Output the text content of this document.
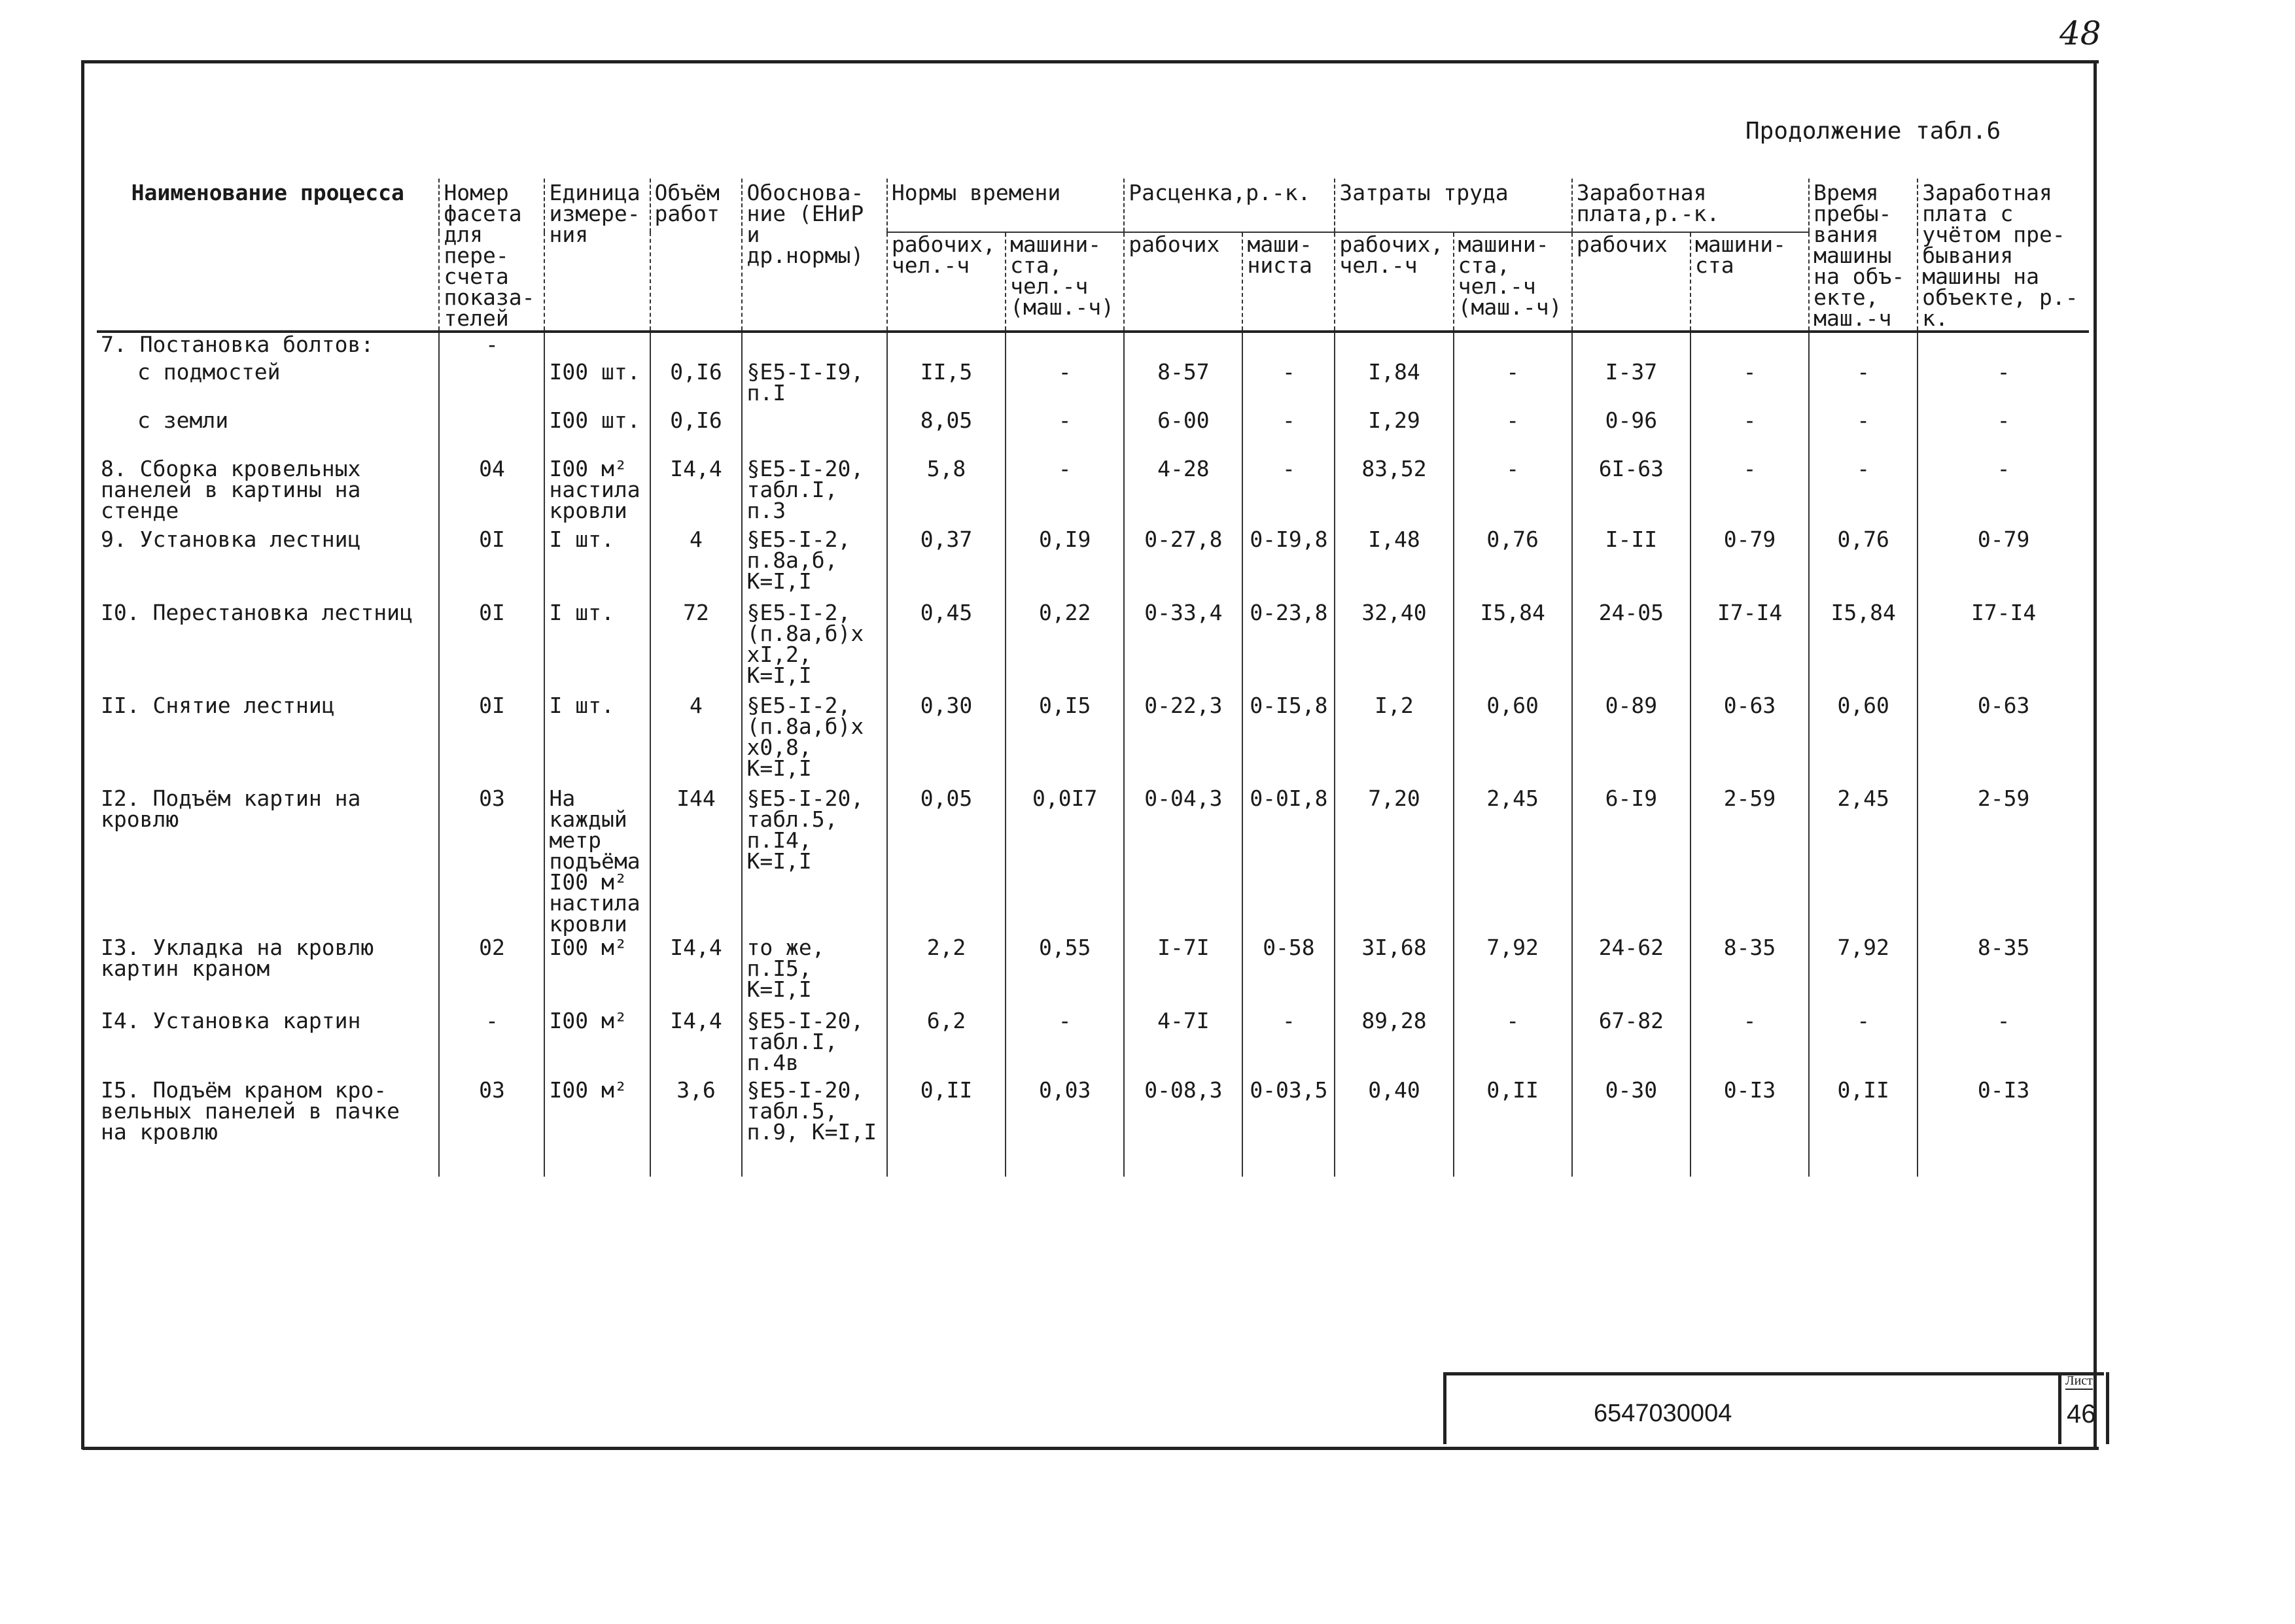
48
Продолжение табл.6
Наименование процесса	Номер фасета для пере-счета показа-телей	Единица измере-ния	Объём работ	Обоснова-ние (ЕНиР и др.нормы)	Нормы времени		Расценка,р.-к.		Затраты труда		Заработная плата,р.-к.		Время пребы-вания машины на объ-екте, маш.-ч	Заработная плата с учётом пре-бывания машины на объекте, р.-к.
					рабочих, чел.-ч	машини-ста, чел.-ч (маш.-ч)	рабочих	маши-ниста	рабочих, чел.-ч	машини-ста, чел.-ч (маш.-ч)	рабочих	машини-ста		
7. Постановка болтов:	-													
с подмостей		I00 шт.	0,I6	§Е5-I-I9, п.I	II,5	-	8-57	-	I,84	-	I-37	-	-	-
с земли		I00 шт.	0,I6		8,05	-	6-00	-	I,29	-	0-96	-	-	-
8. Сборка кровельных панелей в картины на стенде	04	I00 м² настила кровли	I4,4	§Е5-I-20, табл.I, п.3	5,8	-	4-28	-	83,52	-	6I-63	-	-	-
9. Установка лестниц	0I	I шт.	4	§Е5-I-2, п.8а,б, К=I,I	0,37	0,I9	0-27,8	0-I9,8	I,48	0,76	I-II	0-79	0,76	0-79
I0. Перестановка лестниц	0I	I шт.	72	§Е5-I-2, (п.8а,б)х хI,2, К=I,I	0,45	0,22	0-33,4	0-23,8	32,40	I5,84	24-05	I7-I4	I5,84	I7-I4
II. Снятие лестниц	0I	I шт.	4	§Е5-I-2, (п.8а,б)х х0,8, К=I,I	0,30	0,I5	0-22,3	0-I5,8	I,2	0,60	0-89	0-63	0,60	0-63
I2. Подъём картин на кровлю	03	На каждый метр подъёма I00 м² настила кровли	I44	§Е5-I-20, табл.5, п.I4, К=I,I	0,05	0,0I7	0-04,3	0-0I,8	7,20	2,45	6-I9	2-59	2,45	2-59
I3. Укладка на кровлю картин краном	02	I00 м²	I4,4	то же, п.I5, К=I,I	2,2	0,55	I-7I	0-58	3I,68	7,92	24-62	8-35	7,92	8-35
I4. Установка картин	-	I00 м²	I4,4	§Е5-I-20, табл.I, п.4в	6,2	-	4-7I	-	89,28	-	67-82	-	-	-
I5. Подъём краном кро-вельных панелей в пачке на кровлю	03	I00 м²	3,6	§Е5-I-20, табл.5, п.9, К=I,I	0,II	0,03	0-08,3	0-03,5	0,40	0,II	0-30	0-I3	0,II	0-I3
6547030004
Лист
46
